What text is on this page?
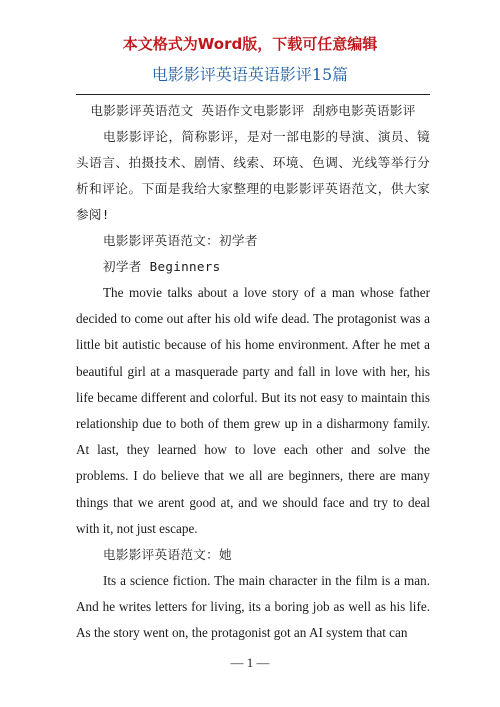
本文格式为Word版，下载可任意编辑
电影影评英语英语影评15篇

电影影评英语范文 英语作文电影影评 刮痧电影英语影评

电影影评论，简称影评，是对一部电影的导演、演员、镜头语言、拍摄技术、剧情、线索、环境、色调、光线等举行分析和评论。下面是我给大家整理的电影影评英语范文，供大家参阅!

电影影评英语范文：初学者

初学者 Beginners

The movie talks about a love story of a man whose father decided to come out after his old wife dead. The protagonist was a little bit autistic because of his home environment. After he met a beautiful girl at a masquerade party and fall in love with her, his life became different and colorful. But its not easy to maintain this relationship due to both of them grew up in a disharmony family. At last, they learned how to love each other and solve the problems. I do believe that we all are beginners, there are many things that we arent good at, and we should face and try to deal with it, not just escape.

电影影评英语范文：她

Its a science fiction. The main character in the film is a man. And he writes letters for living, its a boring job as well as his life. As the story went on, the protagonist got an AI system that can

— 1 —
